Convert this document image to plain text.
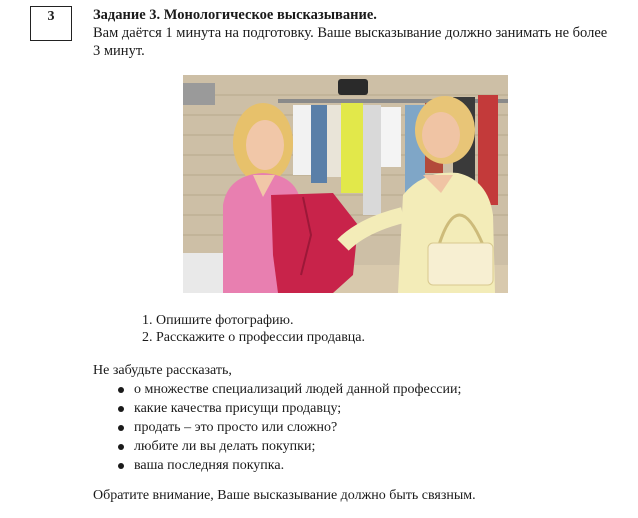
3	Задание 3. Монологическое высказывание.
Вам даётся 1 минута на подготовку. Ваше высказывание должно занимать не более 3 минут.
1. Опишите фотографию.
2. Расскажите о профессии продавца.
Не забудьте рассказать,
о множестве специализаций людей данной профессии;
какие качества присущи продавцу;
продать – это просто или сложно?
любите ли вы делать покупки;
ваша последняя покупка.
Обратите внимание, Ваше высказывание должно быть связным.
